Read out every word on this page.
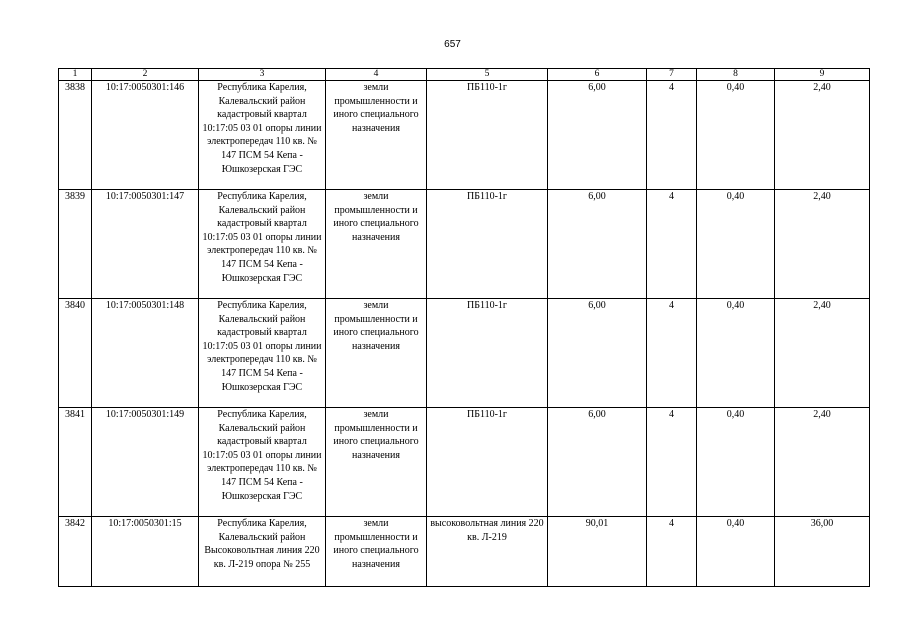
657
1	2	3	4	5	6	7	8	9
3838	10:17:0050301:146	Республика Карелия, Калевальский район кадастровый квартал 10:17:05 03 01 опоры линии электропередач 110 кв. № 147 ПСМ 54 Кепа - Юшкозерская ГЭС	земли промышленности и иного специального назначения	ПБ110-1г	6,00	4	0,40	2,40
3839	10:17:0050301:147	Республика Карелия, Калевальский район кадастровый квартал 10:17:05 03 01 опоры линии электропередач 110 кв. № 147 ПСМ 54 Кепа - Юшкозерская ГЭС	земли промышленности и иного специального назначения	ПБ110-1г	6,00	4	0,40	2,40
3840	10:17:0050301:148	Республика Карелия, Калевальский район кадастровый квартал 10:17:05 03 01 опоры линии электропередач 110 кв. № 147 ПСМ 54 Кепа - Юшкозерская ГЭС	земли промышленности и иного специального назначения	ПБ110-1г	6,00	4	0,40	2,40
3841	10:17:0050301:149	Республика Карелия, Калевальский район кадастровый квартал 10:17:05 03 01 опоры линии электропередач 110 кв. № 147 ПСМ 54 Кепа - Юшкозерская ГЭС	земли промышленности и иного специального назначения	ПБ110-1г	6,00	4	0,40	2,40
3842	10:17:0050301:15	Республика Карелия, Калевальский район Высоковольтная линия 220 кв. Л-219 опора № 255	земли промышленности и иного специального назначения	высоковольтная линия 220 кв. Л-219	90,01	4	0,40	36,00
